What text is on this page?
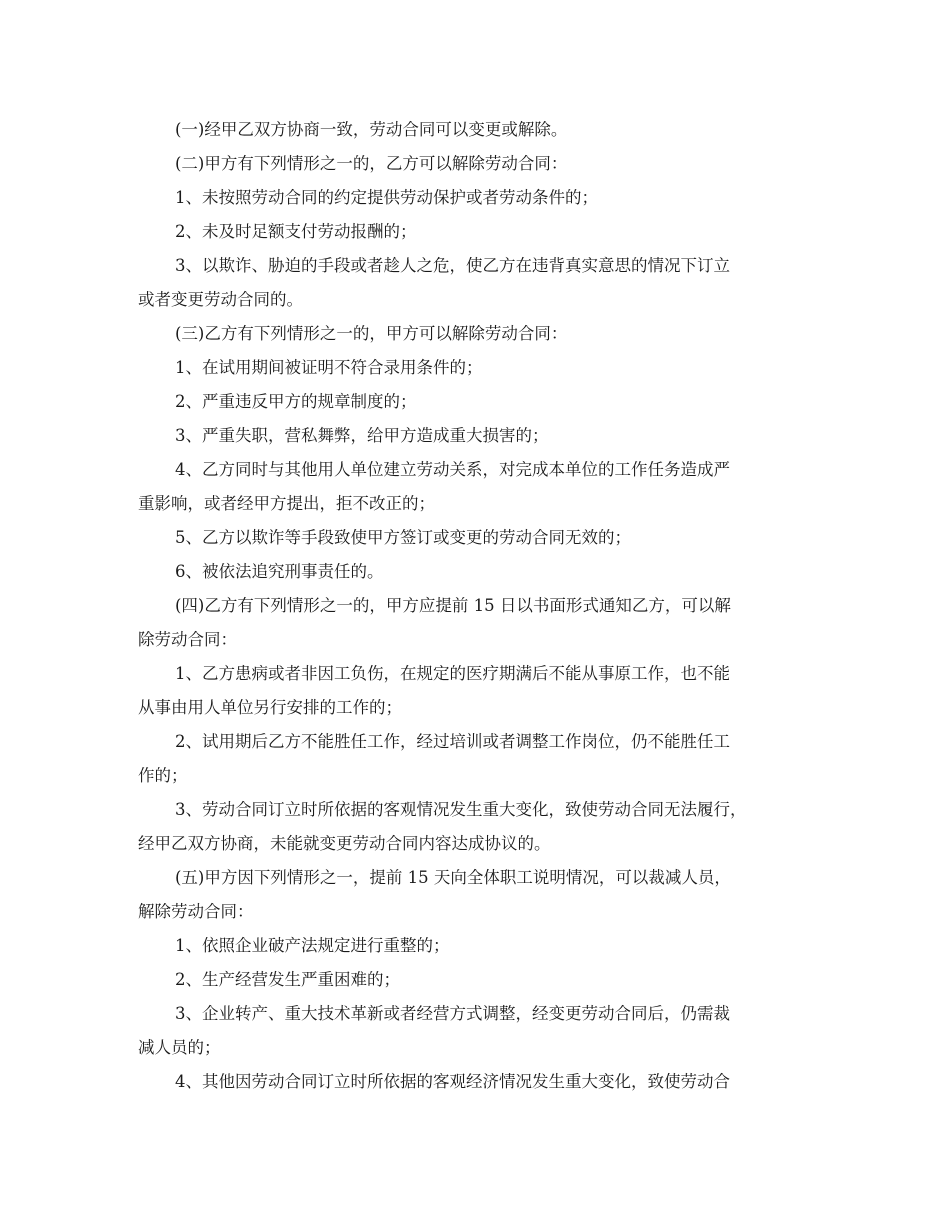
(一)经甲乙双方协商一致，劳动合同可以变更或解除。
(二)甲方有下列情形之一的，乙方可以解除劳动合同：
1、未按照劳动合同的约定提供劳动保护或者劳动条件的；
2、未及时足额支付劳动报酬的；
3、以欺诈、胁迫的手段或者趁人之危，使乙方在违背真实意思的情况下订立
或者变更劳动合同的。
(三)乙方有下列情形之一的，甲方可以解除劳动合同：
1、在试用期间被证明不符合录用条件的；
2、严重违反甲方的规章制度的；
3、严重失职，营私舞弊，给甲方造成重大损害的；
4、乙方同时与其他用人单位建立劳动关系，对完成本单位的工作任务造成严
重影响，或者经甲方提出，拒不改正的；
5、乙方以欺诈等手段致使甲方签订或变更的劳动合同无效的；
6、被依法追究刑事责任的。
(四)乙方有下列情形之一的，甲方应提前 15 日以书面形式通知乙方，可以解
除劳动合同：
1、乙方患病或者非因工负伤，在规定的医疗期满后不能从事原工作，也不能
从事由用人单位另行安排的工作的；
2、试用期后乙方不能胜任工作，经过培训或者调整工作岗位，仍不能胜任工
作的；
3、劳动合同订立时所依据的客观情况发生重大变化，致使劳动合同无法履行，
经甲乙双方协商，未能就变更劳动合同内容达成协议的。
(五)甲方因下列情形之一，提前 15 天向全体职工说明情况，可以裁减人员，
解除劳动合同：
1、依照企业破产法规定进行重整的；
2、生产经营发生严重困难的；
3、企业转产、重大技术革新或者经营方式调整，经变更劳动合同后，仍需裁
减人员的；
4、其他因劳动合同订立时所依据的客观经济情况发生重大变化，致使劳动合
